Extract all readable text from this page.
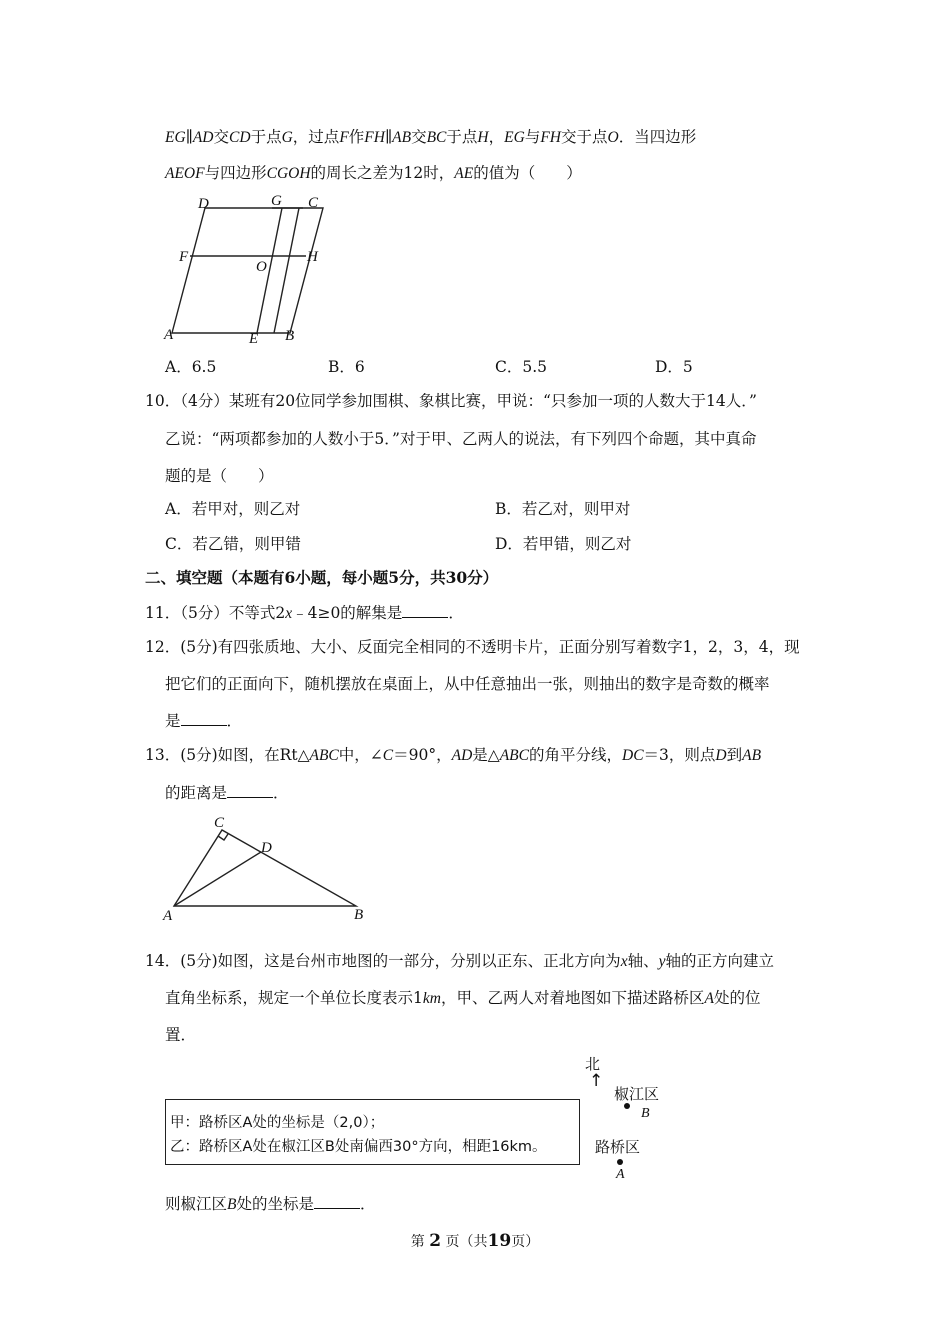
EG∥AD交CD于点G，过点F作FH∥AB交BC于点H，EG与FH交于点O．当四边形
AEOF与四边形CGOH的周长之差为12时，AE的值为（　　）
D	G C
F
O
H
A	E B
A．6.5	B．6	C．5.5	D．5
10．（4分）某班有20位同学参加围棋、象棋比赛，甲说：“只参加一项的人数大于14人．”
乙说：“两项都参加的人数小于5．”对于甲、乙两人的说法，有下列四个命题，其中真命
题的是（　　）
A．若甲对，则乙对	B．若乙对，则甲对
C．若乙错，则甲错	D．若甲错，则乙对
二、填空题（本题有6小题，每小题5分，共30分）
11．（5分）不等式2x﹣4≥0的解集是	．
12．(5分)有四张质地、大小、反面完全相同的不透明卡片，正面分别写着数字1，2，3，4，现
把它们的正面向下，随机摆放在桌面上，从中任意抽出一张，则抽出的数字是奇数的概率
是	．
13．(5分)如图，在Rt△ABC中，∠C＝90°，AD是△ABC的角平分线，DC＝3，则点D到AB
的距离是	．
C
D
A	B
14．(5分)如图，这是台州市地图的一部分，分别以正东、正北方向为x轴、y轴的正方向建立
直角坐标系，规定一个单位长度表示1km，甲、乙两人对着地图如下描述路桥区A处的位
置．
甲：路桥区A处的坐标是（2,0）；
乙：路桥区A处在椒江区B处南偏西30°方向，相距16km。
北
↑
椒江区
B
路桥区
A
则椒江区B处的坐标是	．
第 2 页（共19页）
